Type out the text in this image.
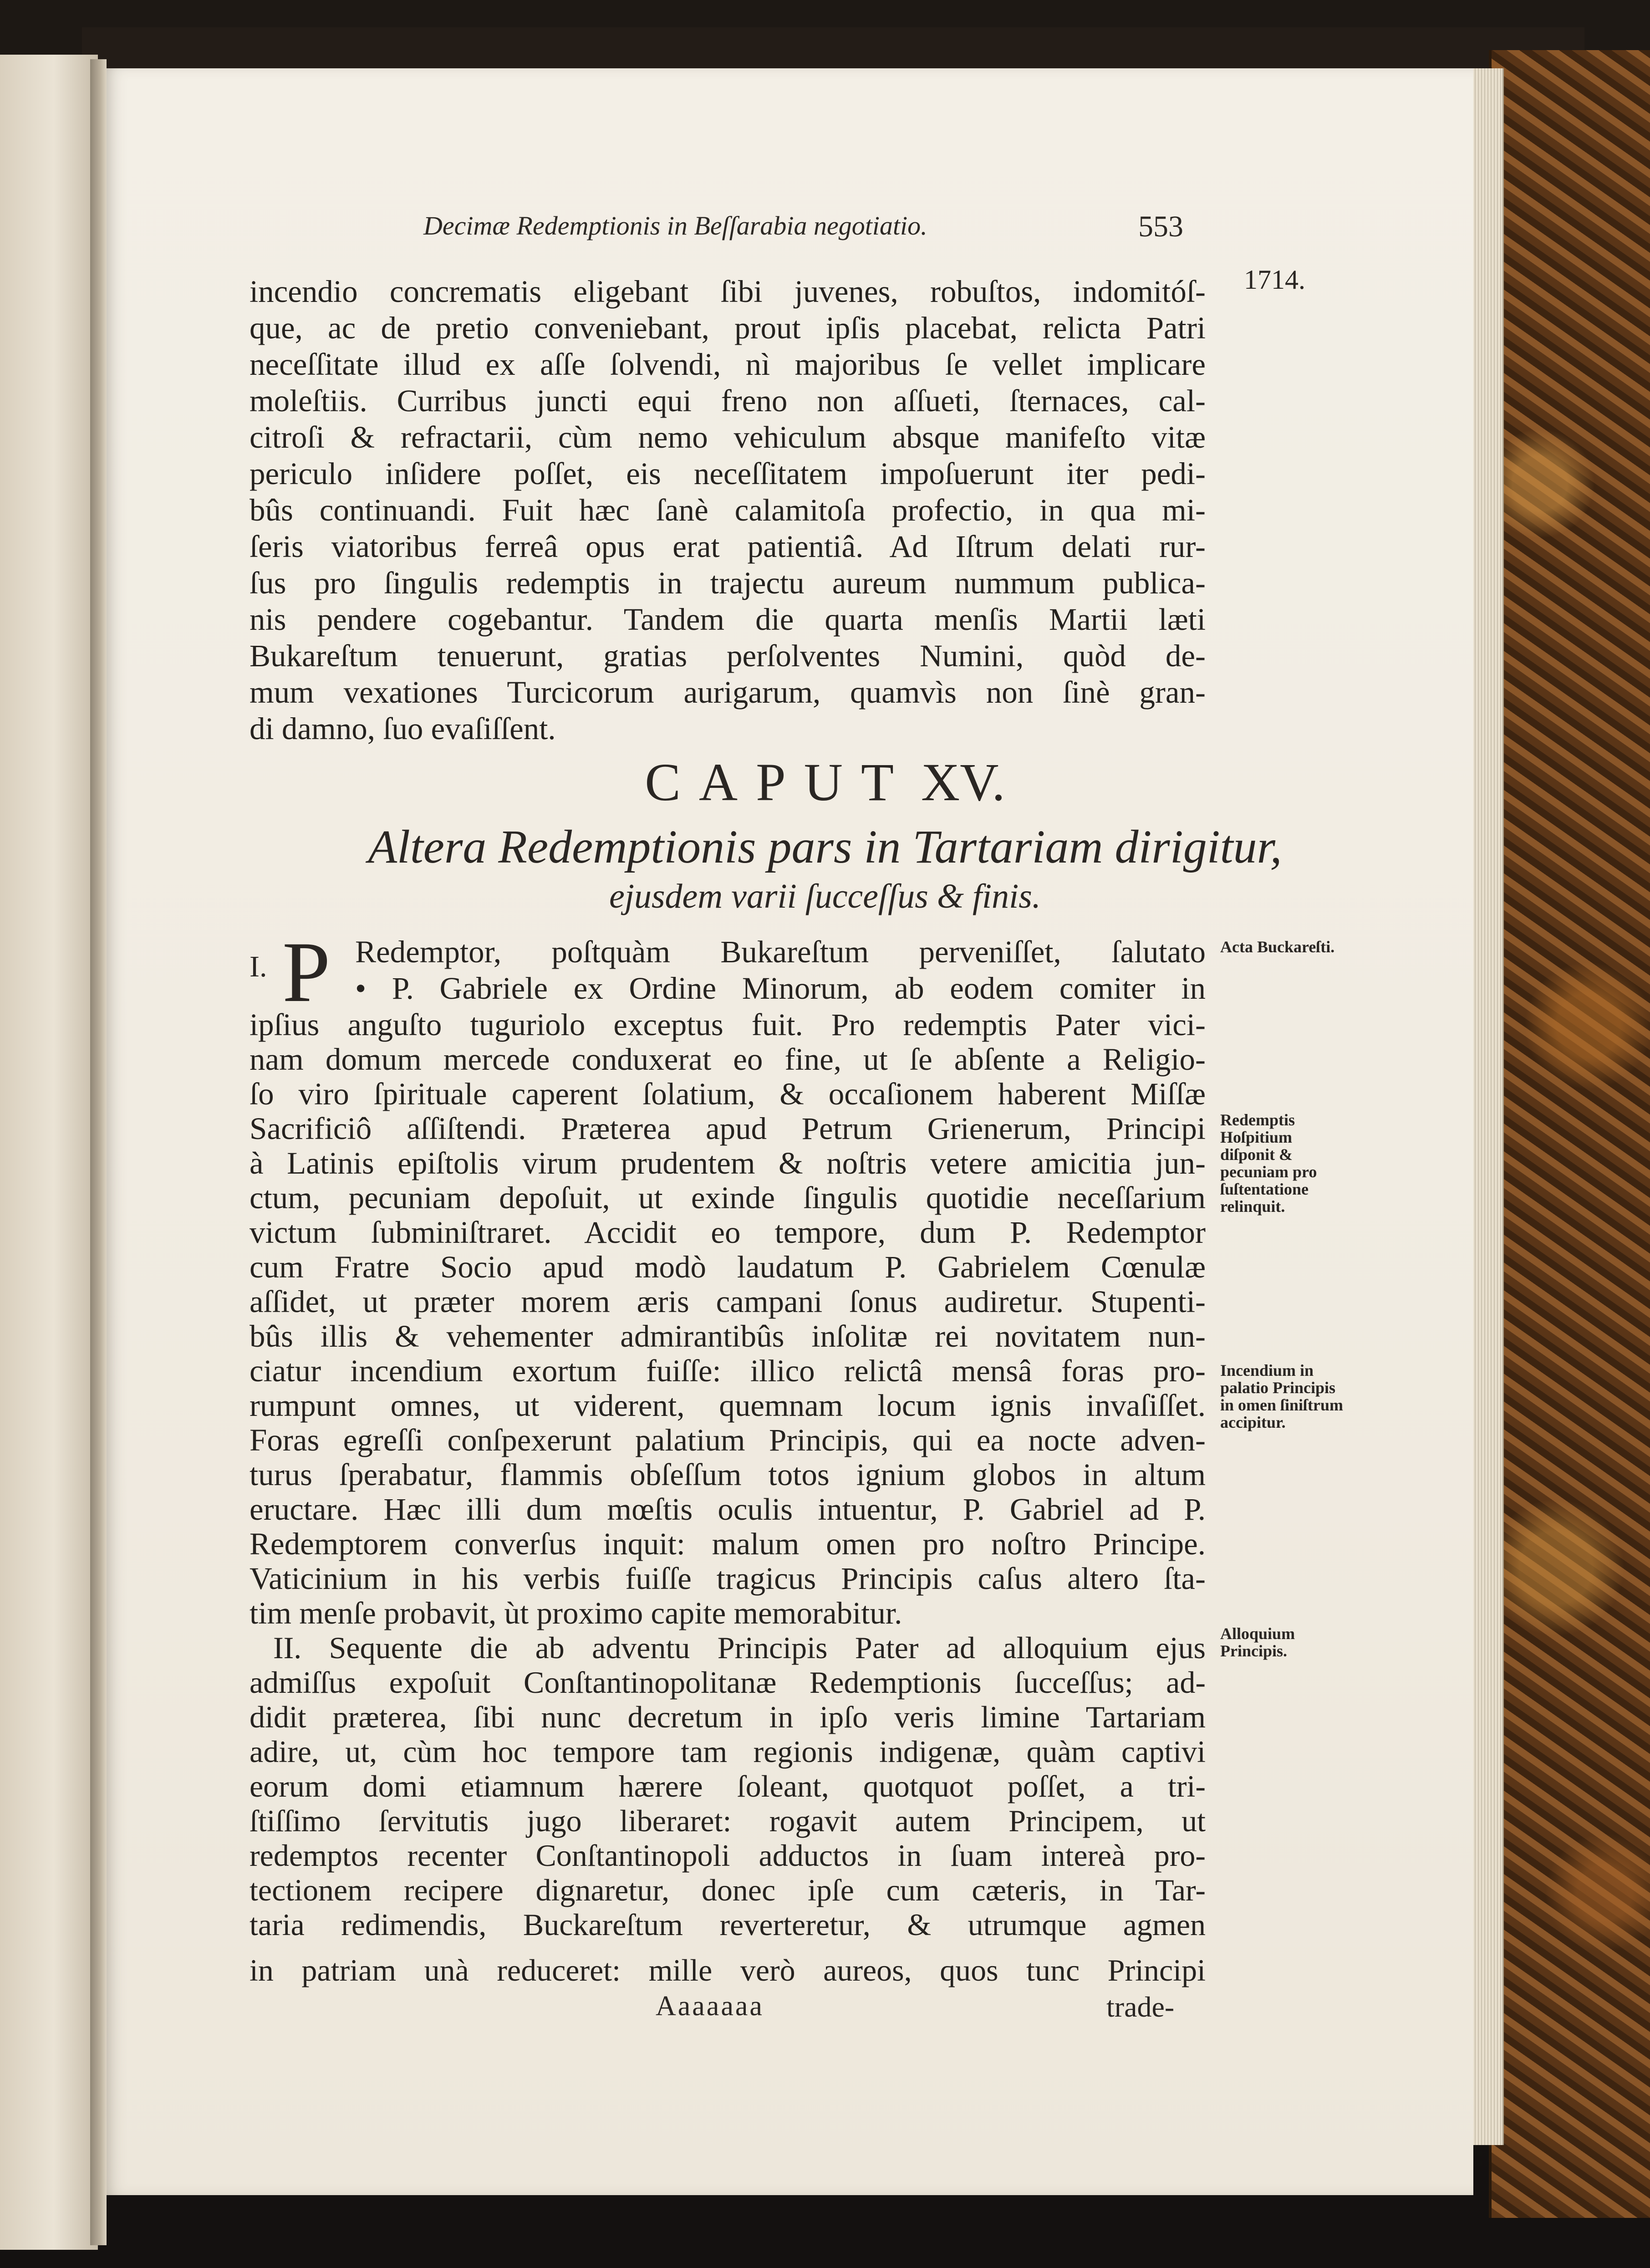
Decimæ Redemptionis in Beſſarabia negotiatio.	553
1714.
incendio concrematis eligebant ſibi juvenes, robuſtos, indomitóſ-
que, ac de pretio conveniebant, prout ipſis placebat, relicta Patri
neceſſitate illud ex aſſe ſolvendi, nì majoribus ſe vellet implicare
moleſtiis. Curribus juncti equi freno non aſſueti, ſternaces, cal-
citroſi & refractarii, cùm nemo vehiculum absque manifeſto vitæ
periculo inſidere poſſet, eis neceſſitatem impoſuerunt iter pedi-
bûs continuandi. Fuit hæc ſanè calamitoſa profectio, in qua mi-
ſeris viatoribus ferreâ opus erat patientiâ. Ad Iſtrum delati rur-
ſus pro ſingulis redemptis in trajectu aureum nummum publica-
nis pendere cogebantur. Tandem die quarta menſis Martii læti
Bukareſtum tenuerunt, gratias perſolventes Numini, quòd de-
mum vexationes Turcicorum aurigarum, quamvìs non ſinè gran-
di damno, ſuo evaſiſſent.
CAPUT XV.
Altera Redemptionis pars in Tartariam dirigitur,
ejusdem varii ſucceſſus & finis.
I. P Redemptor, poſtquàm Bukareſtum perveniſſet, ſalutato
• P. Gabriele ex Ordine Minorum, ab eodem comiter in
ipſius anguſto tuguriolo exceptus fuit. Pro redemptis Pater vici-
nam domum mercede conduxerat eo fine, ut ſe abſente a Religio-
ſo viro ſpirituale caperent ſolatium, & occaſionem haberent Miſſæ
Sacrificiô aſſiſtendi. Præterea apud Petrum Grienerum, Principi
à Latinis epiſtolis virum prudentem & noſtris vetere amicitia jun-
ctum, pecuniam depoſuit, ut exinde ſingulis quotidie neceſſarium
victum ſubminiſtraret. Accidit eo tempore, dum P. Redemptor
cum Fratre Socio apud modò laudatum P. Gabrielem Cœnulæ
aſſidet, ut præter morem æris campani ſonus audiretur. Stupenti-
bûs illis & vehementer admirantibûs inſolitæ rei novitatem nun-
ciatur incendium exortum fuiſſe: illico relictâ mensâ foras pro-
rumpunt omnes, ut viderent, quemnam locum ignis invaſiſſet.
Foras egreſſi conſpexerunt palatium Principis, qui ea nocte adven-
turus ſperabatur, flammis obſeſſum totos ignium globos in altum
eructare. Hæc illi dum mœſtis oculis intuentur, P. Gabriel ad P.
Redemptorem converſus inquit: malum omen pro noſtro Principe.
Vaticinium in his verbis fuiſſe tragicus Principis caſus altero ſta-
tim menſe probavit, ùt proximo capite memorabitur.
II. Sequente die ab adventu Principis Pater ad alloquium ejus
admiſſus expoſuit Conſtantinopolitanæ Redemptionis ſucceſſus; ad-
didit præterea, ſibi nunc decretum in ipſo veris limine Tartariam
adire, ut, cùm hoc tempore tam regionis indigenæ, quàm captivi
eorum domi etiamnum hærere ſoleant, quotquot poſſet, a tri-
ſtiſſimo ſervitutis jugo liberaret: rogavit autem Principem, ut
redemptos recenter Conſtantinopoli adductos in ſuam intereà pro-
tectionem recipere dignaretur, donec ipſe cum cæteris, in Tar-
taria redimendis, Buckareſtum reverteretur, & utrumque agmen
Acta Buckareſti.
Redemptis Hoſpitium diſponit & pecuniam pro ſuſtentatione relinquit.
Incendium in palatio Principis in omen ſiniſtrum accipitur.
Alloquium Principis.
Aaaaaaa	trade-
in patriam unà reduceret: mille verò aureos, quos tunc Principi
